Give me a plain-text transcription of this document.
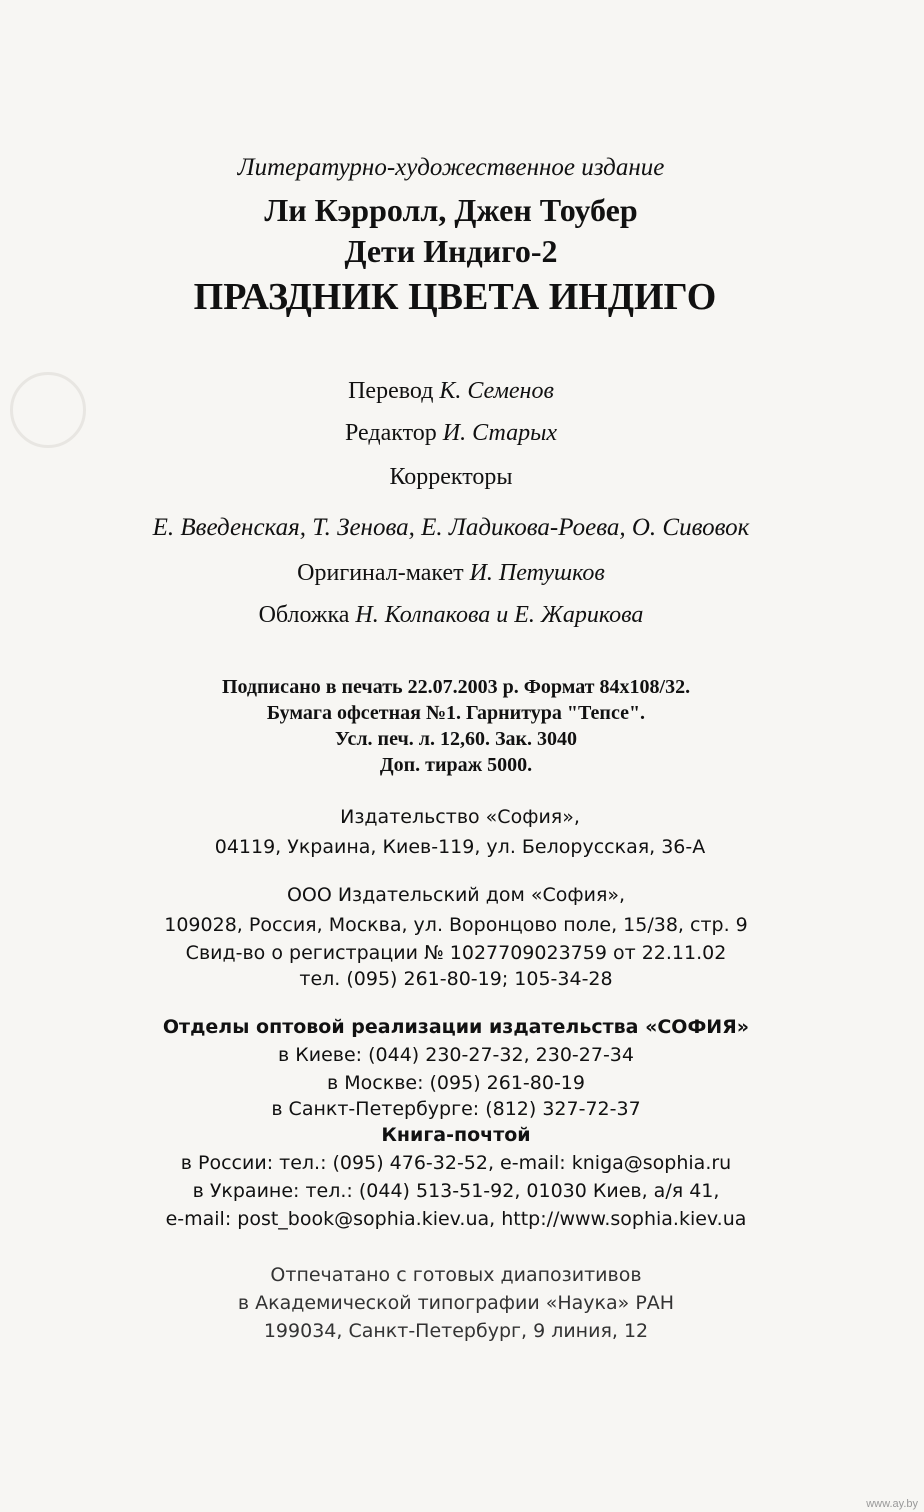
Литературно-художественное издание
Ли Кэрролл, Джен Тоубер
Дети Индиго-2
ПРАЗДНИК ЦВЕТА ИНДИГО
Перевод К. Семенов
Редактор И. Старых
Корректоры
Е. Введенская, Т. Зенова, Е. Ладикова-Роева, О. Сивовок
Оригинал-макет И. Петушков
Обложка Н. Колпакова и Е. Жарикова
Подписано в печать 22.07.2003 р. Формат 84x108/32.
Бумага офсетная №1. Гарнитура "Тепсе".
Усл. печ. л. 12,60. Зак. 3040
Доп. тираж 5000.
Издательство «София»,
04119, Украина, Киев-119, ул. Белорусская, 36-А
ООО Издательский дом «София»,
109028, Россия, Москва, ул. Воронцово поле, 15/38, стр. 9
Свид-во о регистрации № 1027709023759 от 22.11.02
тел. (095) 261-80-19; 105-34-28
Отделы оптовой реализации издательства «СОФИЯ»
в Киеве: (044) 230-27-32, 230-27-34
в Москве: (095) 261-80-19
в Санкт-Петербурге: (812) 327-72-37
Книга-почтой
в России: тел.: (095) 476-32-52, e-mail: kniga@sophia.ru
в Украине: тел.: (044) 513-51-92, 01030 Киев, а/я 41,
e-mail: post_book@sophia.kiev.ua, http://www.sophia.kiev.ua
Отпечатано с готовых диапозитивов
в Академической типографии «Наука» РАН
199034, Санкт-Петербург, 9 линия, 12
www.ay.by
